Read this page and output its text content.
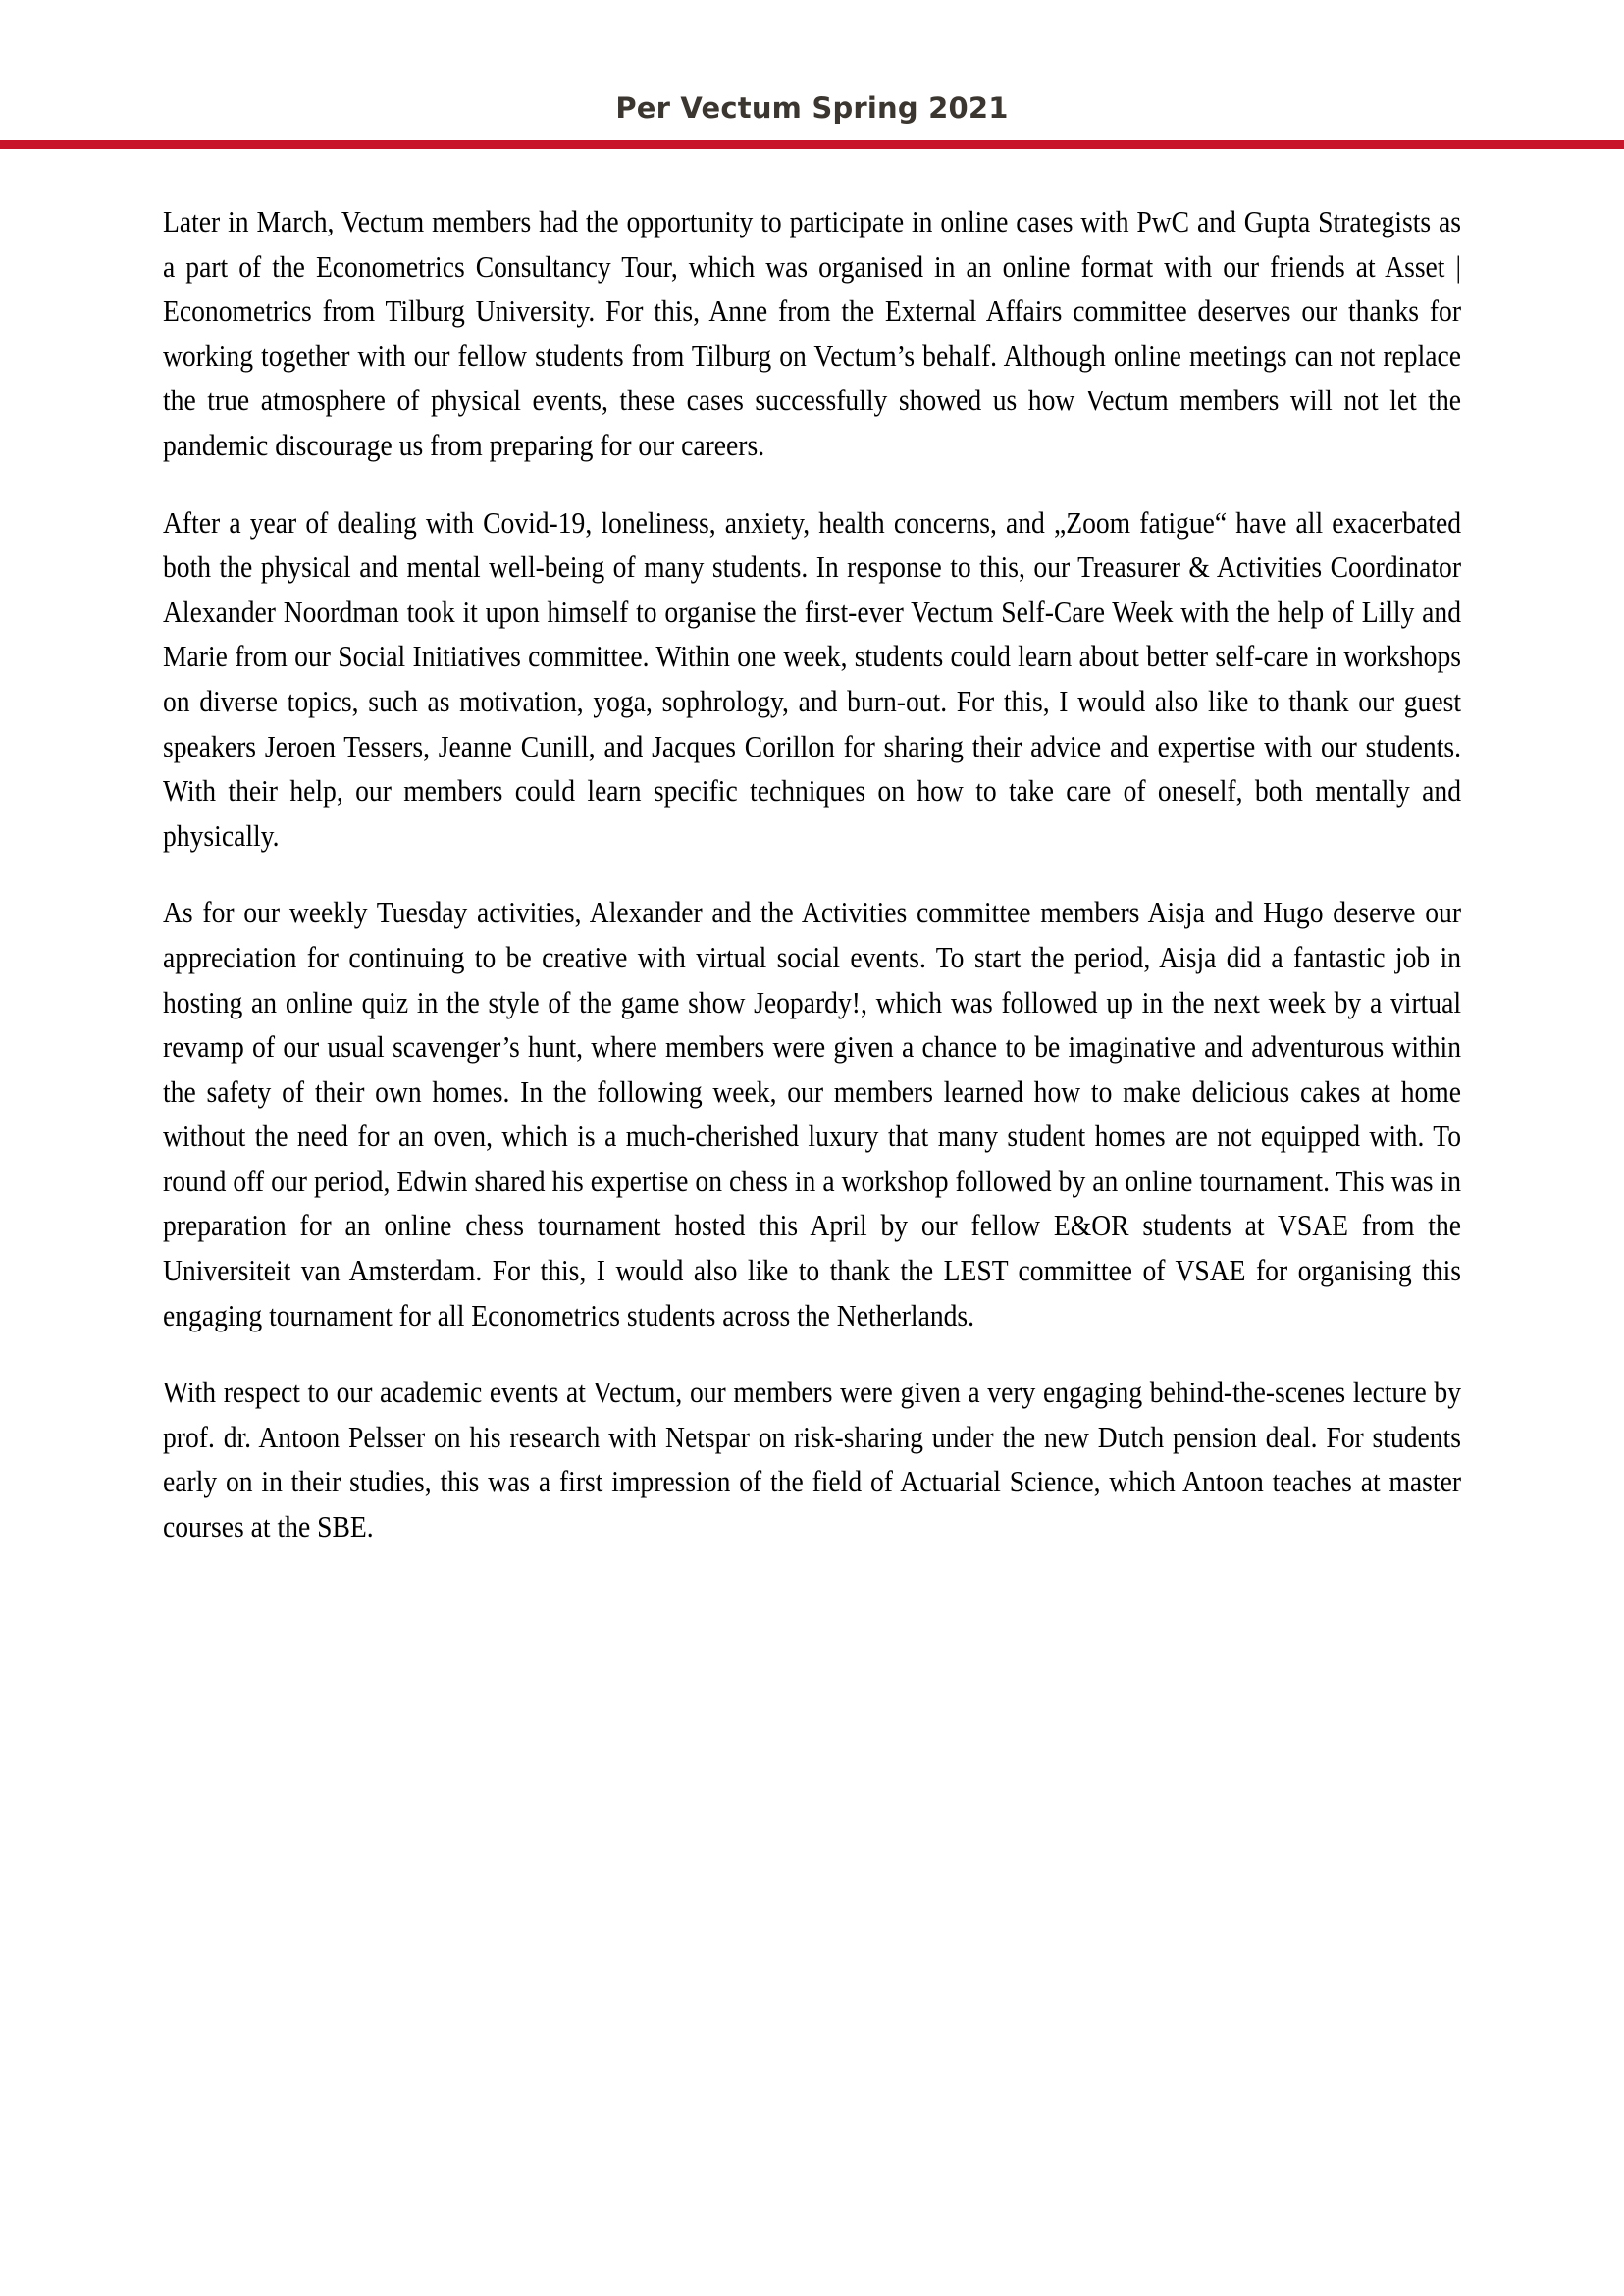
Per Vectum Spring 2021

Later in March, Vectum members had the opportunity to participate in online cases with PwC and Gupta Strategists as a part of the Econometrics Consultancy Tour, which was organised in an online format with our friends at Asset | Econometrics from Tilburg University. For this, Anne from the External Affairs committee deserves our thanks for working together with our fellow students from Tilburg on Vectum’s behalf. Although online meetings can not replace the true atmosphere of physical events, these cases successfully showed us how Vectum members will not let the pandemic discourage us from preparing for our careers.

After a year of dealing with Covid-19, loneliness, anxiety, health concerns, and „Zoom fatigue“ have all exacerbated both the physical and mental well-being of many students. In response to this, our Treasurer & Activities Coordinator Alexander Noordman took it upon himself to organise the first-ever Vectum Self-Care Week with the help of Lilly and Marie from our Social Initiatives committee. Within one week, students could learn about better self-care in workshops on diverse topics, such as motivation, yoga, sophrology, and burn-out. For this, I would also like to thank our guest speakers Jeroen Tessers, Jeanne Cunill, and Jacques Corillon for sharing their advice and expertise with our students. With their help, our members could learn specific techniques on how to take care of oneself, both mentally and physically.

As for our weekly Tuesday activities, Alexander and the Activities committee members Aisja and Hugo deserve our appreciation for continuing to be creative with virtual social events. To start the period, Aisja did a fantastic job in hosting an online quiz in the style of the game show Jeopardy!, which was followed up in the next week by a virtual revamp of our usual scavenger’s hunt, where members were given a chance to be imaginative and adventurous within the safety of their own homes. In the following week, our members learned how to make delicious cakes at home without the need for an oven, which is a much-cherished luxury that many student homes are not equipped with. To round off our period, Edwin shared his expertise on chess in a workshop followed by an online tournament. This was in preparation for an online chess tournament hosted this April by our fellow E&OR students at VSAE from the Universiteit van Amsterdam. For this, I would also like to thank the LEST committee of VSAE for organising this engaging tournament for all Econometrics students across the Netherlands.

With respect to our academic events at Vectum, our members were given a very engaging behind-the-scenes lecture by prof. dr. Antoon Pelsser on his research with Netspar on risk-sharing under the new Dutch pension deal. For students early on in their studies, this was a first impression of the field of Actuarial Science, which Antoon teaches at master courses at the SBE.
